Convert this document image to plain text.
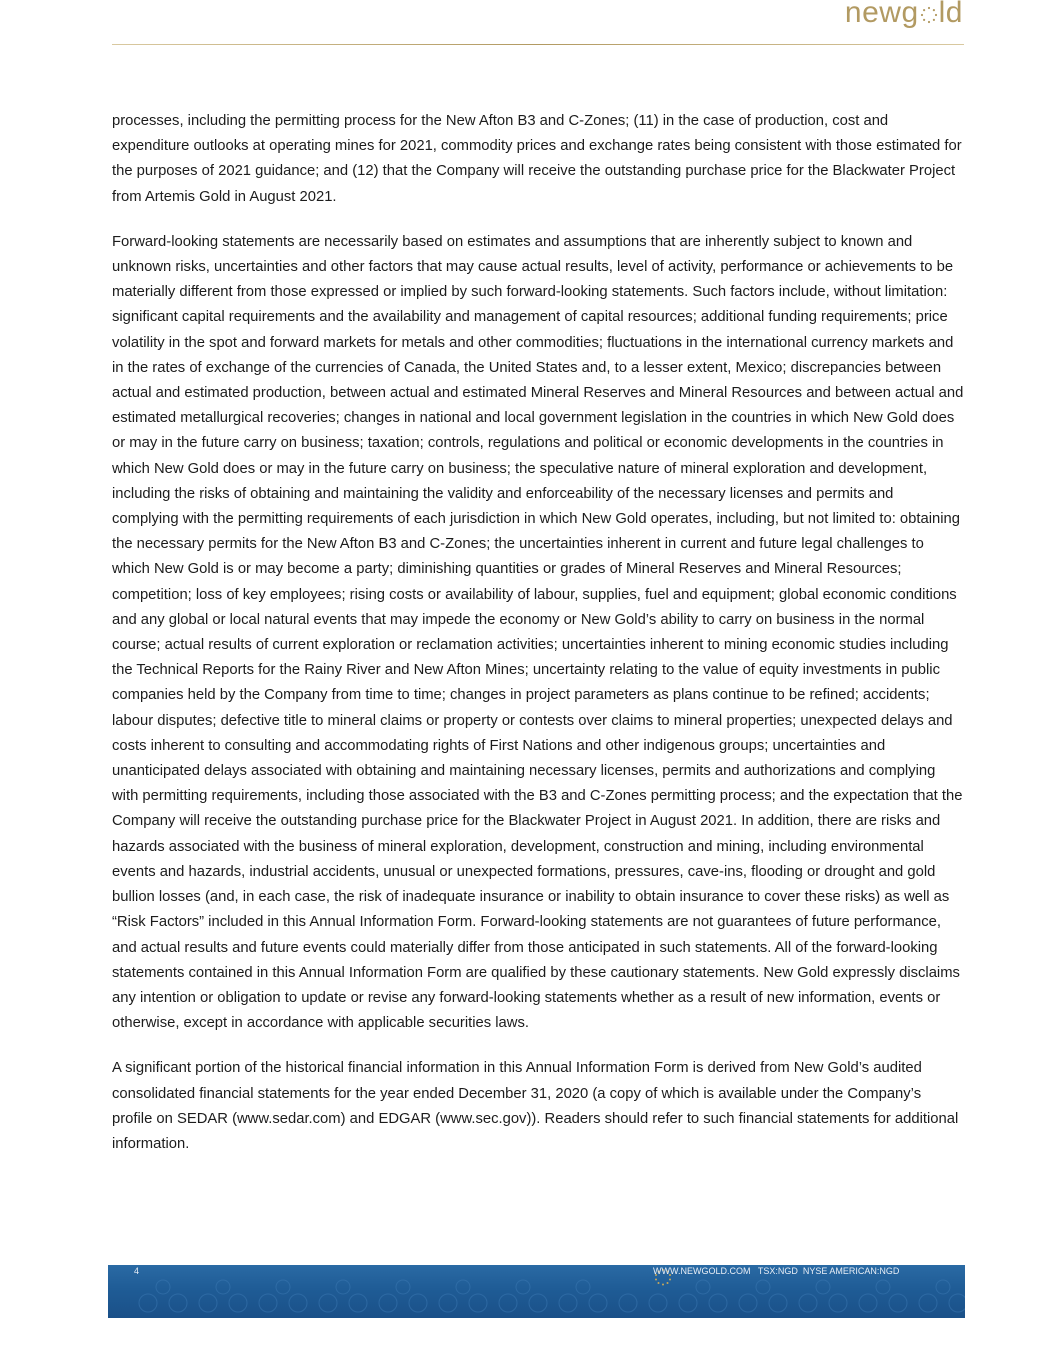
newg ld

processes, including the permitting process for the New Afton B3 and C-Zones; (11) in the case of production, cost and expenditure outlooks at operating mines for 2021, commodity prices and exchange rates being consistent with those estimated for the purposes of 2021 guidance; and (12) that the Company will receive the outstanding purchase price for the Blackwater Project from Artemis Gold in August 2021.

Forward-looking statements are necessarily based on estimates and assumptions that are inherently subject to known and unknown risks, uncertainties and other factors that may cause actual results, level of activity, performance or achievements to be materially different from those expressed or implied by such forward-looking statements. Such factors include, without limitation: significant capital requirements and the availability and management of capital resources; additional funding requirements; price volatility in the spot and forward markets for metals and other commodities; fluctuations in the international currency markets and in the rates of exchange of the currencies of Canada, the United States and, to a lesser extent, Mexico; discrepancies between actual and estimated production, between actual and estimated Mineral Reserves and Mineral Resources and between actual and estimated metallurgical recoveries; changes in national and local government legislation in the countries in which New Gold does or may in the future carry on business; taxation; controls, regulations and political or economic developments in the countries in which New Gold does or may in the future carry on business; the speculative nature of mineral exploration and development, including the risks of obtaining and maintaining the validity and enforceability of the necessary licenses and permits and complying with the permitting requirements of each jurisdiction in which New Gold operates, including, but not limited to: obtaining the necessary permits for the New Afton B3 and C-Zones; the uncertainties inherent in current and future legal challenges to which New Gold is or may become a party; diminishing quantities or grades of Mineral Reserves and Mineral Resources; competition; loss of key employees; rising costs or availability of labour, supplies, fuel and equipment; global economic conditions and any global or local natural events that may impede the economy or New Gold’s ability to carry on business in the normal course; actual results of current exploration or reclamation activities; uncertainties inherent to mining economic studies including the Technical Reports for the Rainy River and New Afton Mines; uncertainty relating to the value of equity investments in public companies held by the Company from time to time; changes in project parameters as plans continue to be refined; accidents; labour disputes; defective title to mineral claims or property or contests over claims to mineral properties; unexpected delays and costs inherent to consulting and accommodating rights of First Nations and other indigenous groups; uncertainties and unanticipated delays associated with obtaining and maintaining necessary licenses, permits and authorizations and complying with permitting requirements, including those associated with the B3 and C-Zones permitting process; and the expectation that the Company will receive the outstanding purchase price for the Blackwater Project in August 2021. In addition, there are risks and hazards associated with the business of mineral exploration, development, construction and mining, including environmental events and hazards, industrial accidents, unusual or unexpected formations, pressures, cave-ins, flooding or drought and gold bullion losses (and, in each case, the risk of inadequate insurance or inability to obtain insurance to cover these risks) as well as “Risk Factors” included in this Annual Information Form. Forward-looking statements are not guarantees of future performance, and actual results and future events could materially differ from those anticipated in such statements. All of the forward-looking statements contained in this Annual Information Form are qualified by these cautionary statements. New Gold expressly disclaims any intention or obligation to update or revise any forward-looking statements whether as a result of new information, events or otherwise, except in accordance with applicable securities laws.

A significant portion of the historical financial information in this Annual Information Form is derived from New Gold’s audited consolidated financial statements for the year ended December 31, 2020 (a copy of which is available under the Company’s profile on SEDAR (www.sedar.com) and EDGAR (www.sec.gov)). Readers should refer to such financial statements for additional information.

4	WWW.NEWGOLD.COM   TSX:NGD  NYSE AMERICAN:NGD
